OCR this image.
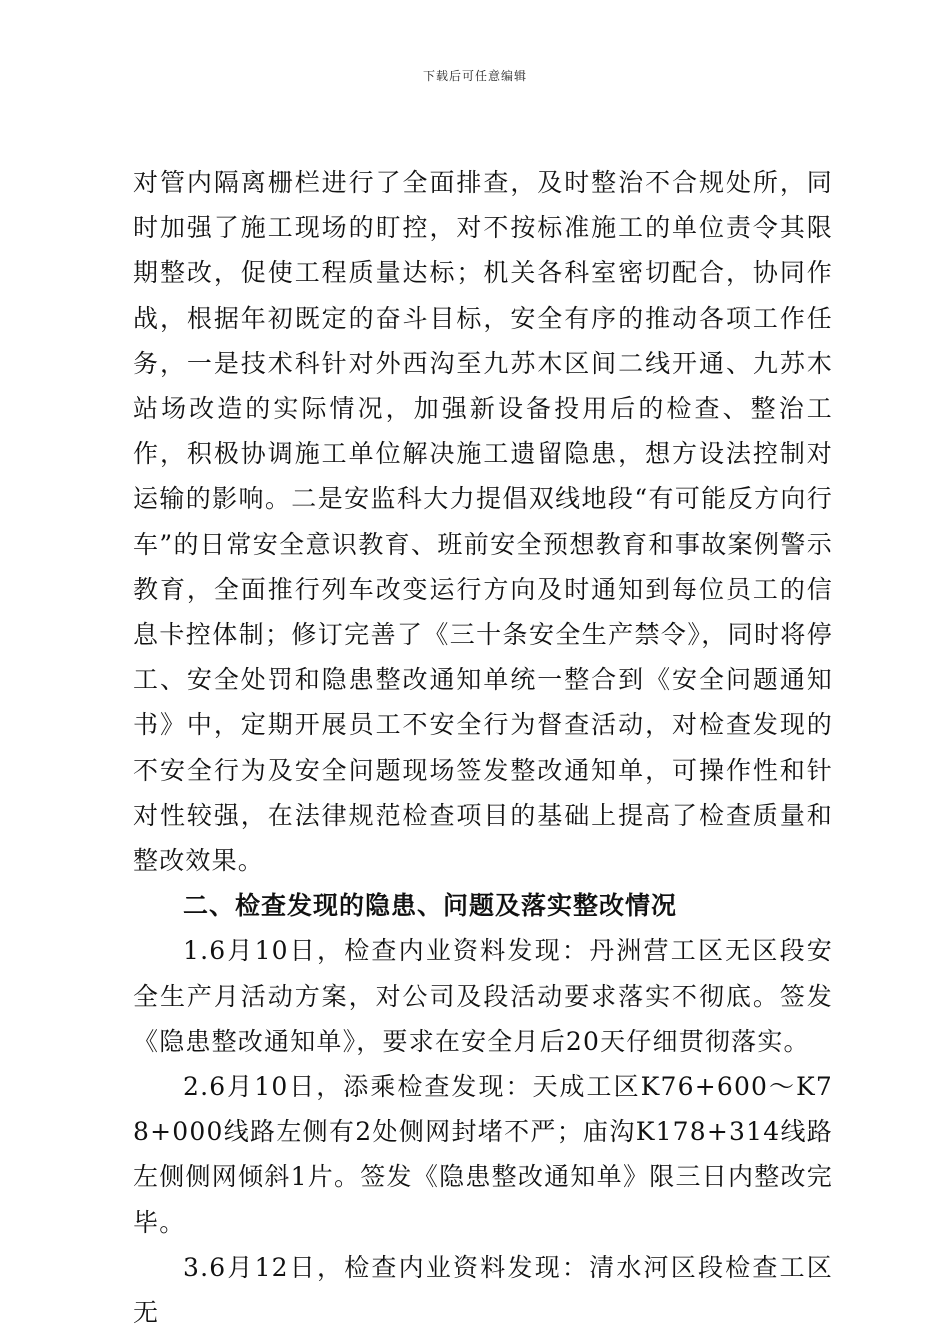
下载后可任意编辑

对管内隔离栅栏进行了全面排查，及时整治不合规处所，同时加强了施工现场的盯控，对不按标准施工的单位责令其限期整改，促使工程质量达标；机关各科室密切配合，协同作战，根据年初既定的奋斗目标，安全有序的推动各项工作任务，一是技术科针对外西沟至九苏木区间二线开通、九苏木站场改造的实际情况，加强新设备投用后的检查、整治工作，积极协调施工单位解决施工遗留隐患，想方设法控制对运输的影响。二是安监科大力提倡双线地段“有可能反方向行车”的日常安全意识教育、班前安全预想教育和事故案例警示教育，全面推行列车改变运行方向及时通知到每位员工的信息卡控体制；修订完善了《三十条安全生产禁令》，同时将停工、安全处罚和隐患整改通知单统一整合到《安全问题通知书》中，定期开展员工不安全行为督查活动，对检查发现的不安全行为及安全问题现场签发整改通知单，可操作性和针对性较强，在法律规范检查项目的基础上提高了检查质量和整改效果。

二、检查发现的隐患、问题及落实整改情况

1.6月10日，检查内业资料发现：丹洲营工区无区段安全生产月活动方案，对公司及段活动要求落实不彻底。签发《隐患整改通知单》，要求在安全月后20天仔细贯彻落实。

2.6月10日，添乘检查发现：天成工区K76+600～K78+000线路左侧有2处侧网封堵不严；庙沟K178+314线路左侧侧网倾斜1片。签发《隐患整改通知单》限三日内整改完毕。

3.6月12日，检查内业资料发现：清水河区段检查工区无
